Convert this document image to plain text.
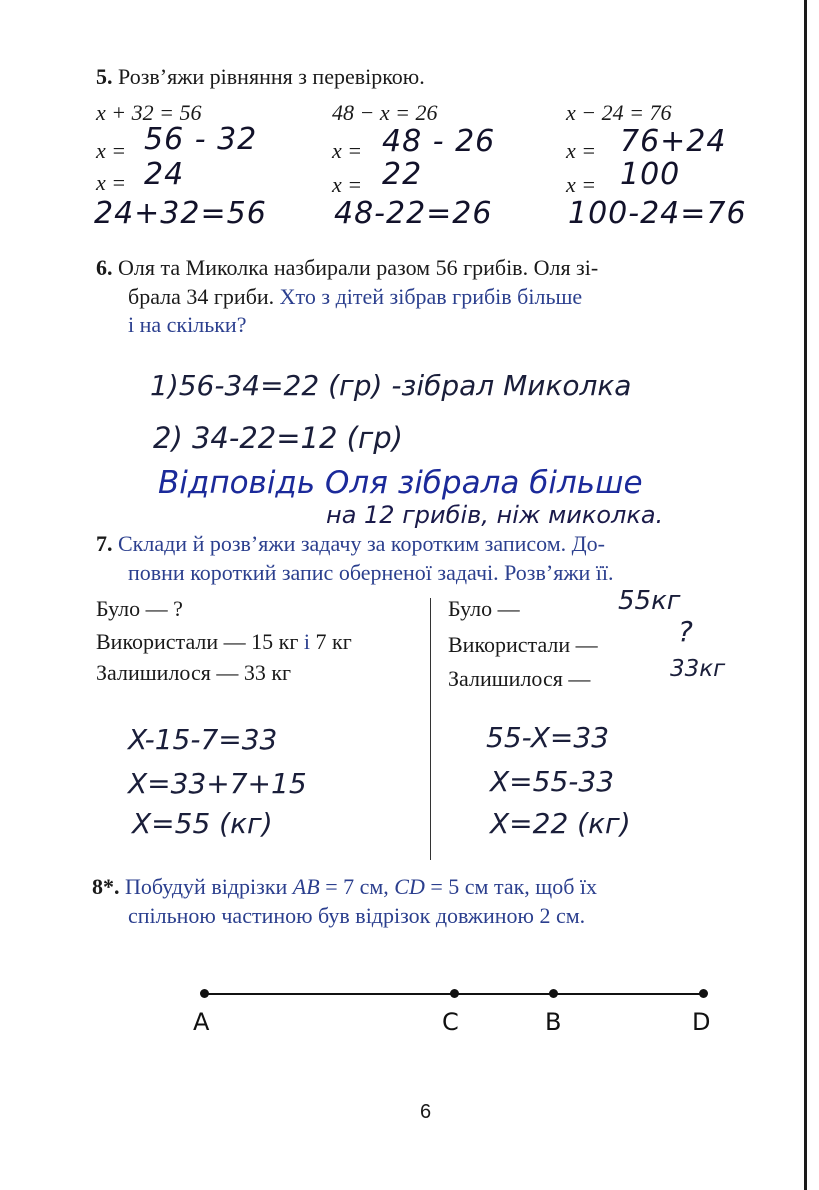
5. Розв’яжи рівняння з перевіркою.
x + 32 = 56
x = 56 - 32
x = 24
24+32=56
48 − x = 26
x = 48 - 26
x = 22
48-22=26
x − 24 = 76
x = 76+24
x = 100
100-24=76
6. Оля та Миколка назбирали разом 56 грибів. Оля зі-
брала 34 гриби. Хто з дітей зібрав грибів більше
і на скільки?
1)56-34=22 (гр) -зібрал Миколка
2) 34-22=12 (гр)
Відповідь Оля зібрала більше
на 12 грибів, ніж миколка.
7. Склади й розв’яжи задачу за коротким записом. До-
повни короткий запис оберненої задачі. Розв’яжи її.
Було — ?
Використали — 15 кг і 7 кг
Залишилося — 33 кг
X-15-7=33
X=33+7+15
X=55 (кг)
Було —	55кг
Використали —	?
Залишилося —	33кг
55-X=33
X=55-33
X=22 (кг)
8*. Побудуй відрізки AB = 7 см, CD = 5 см так, щоб їх
спільною частиною був відрізок довжиною 2 см.
A	C	B	D
6
